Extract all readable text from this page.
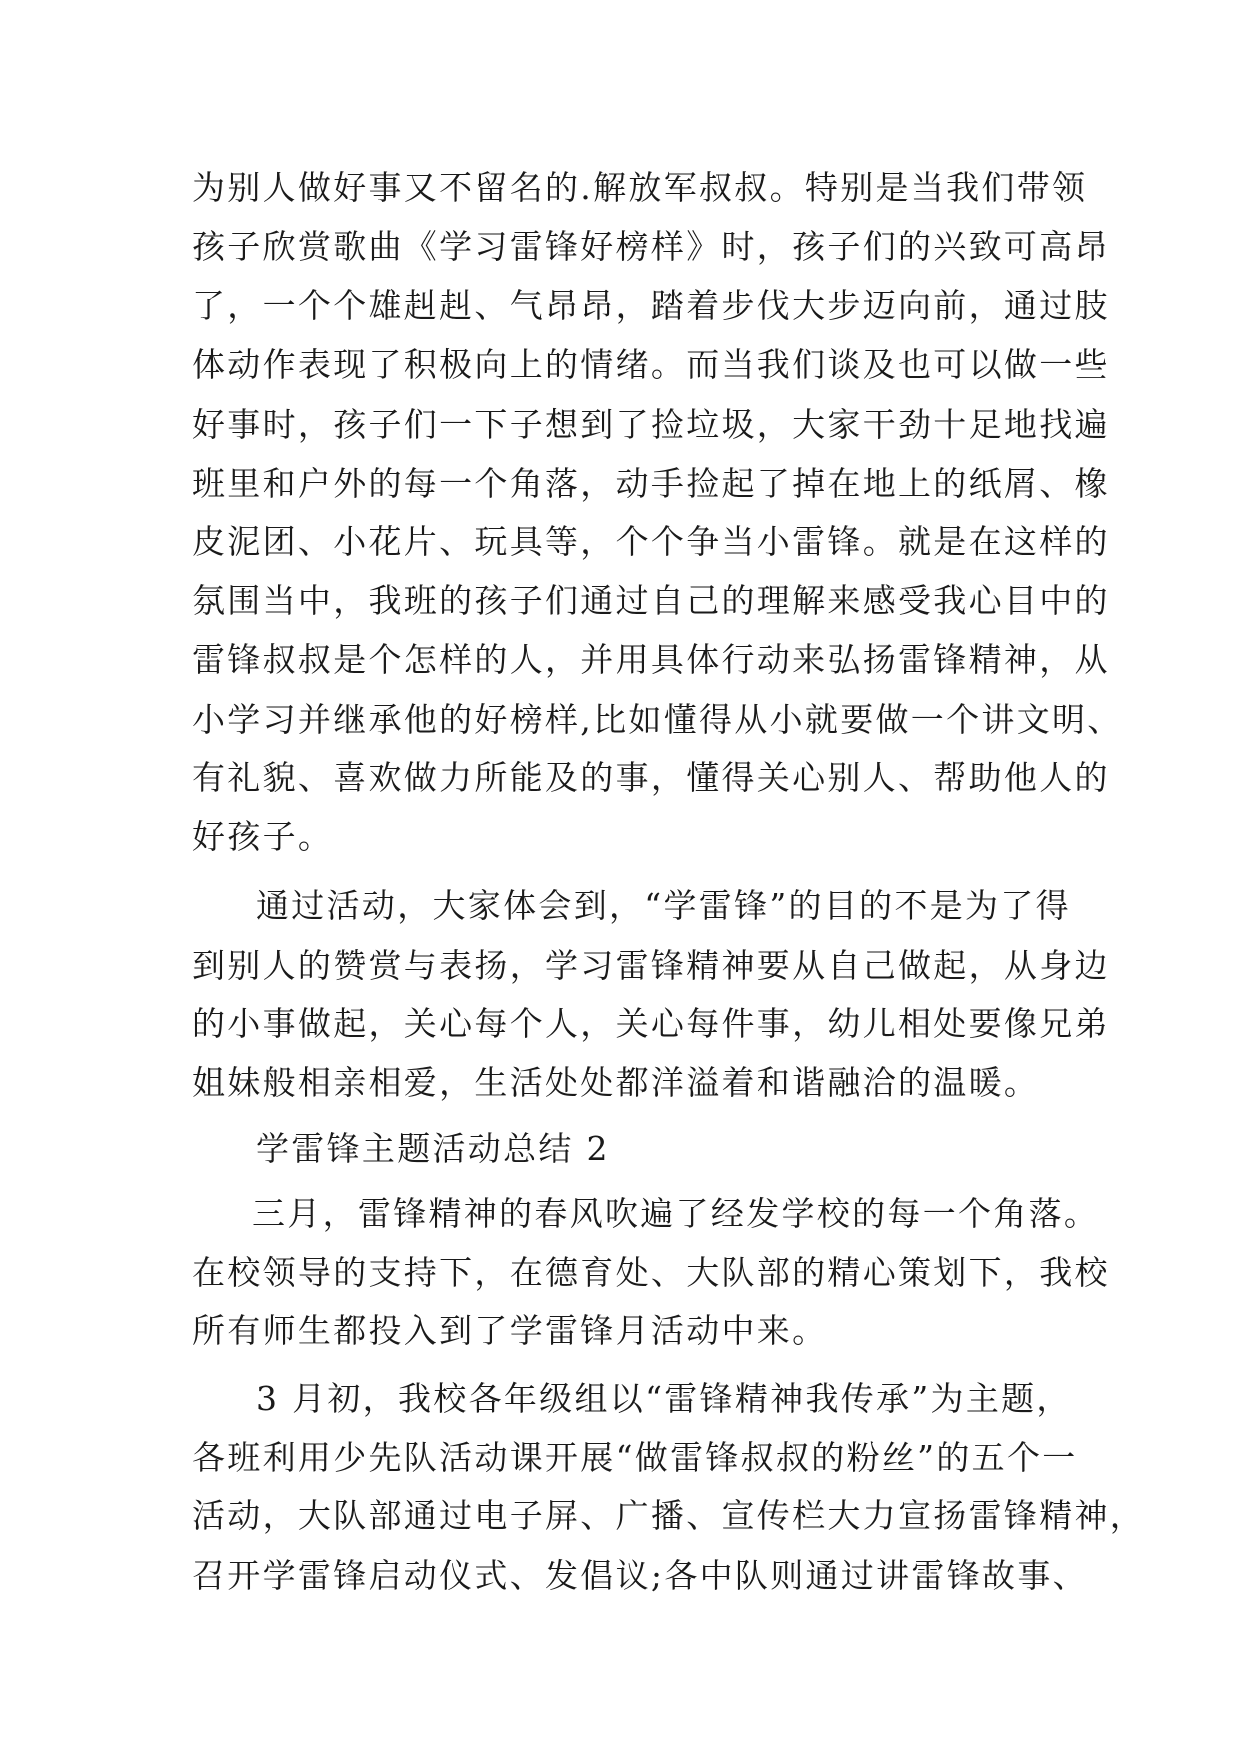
为别人做好事又不留名的.解放军叔叔。特别是当我们带领
孩子欣赏歌曲《学习雷锋好榜样》时，孩子们的兴致可高昂
了，一个个雄赳赳、气昂昂，踏着步伐大步迈向前，通过肢
体动作表现了积极向上的情绪。而当我们谈及也可以做一些
好事时，孩子们一下子想到了捡垃圾，大家干劲十足地找遍
班里和户外的每一个角落，动手捡起了掉在地上的纸屑、橡
皮泥团、小花片、玩具等，个个争当小雷锋。就是在这样的
氛围当中，我班的孩子们通过自己的理解来感受我心目中的
雷锋叔叔是个怎样的人，并用具体行动来弘扬雷锋精神，从
小学习并继承他的好榜样,比如懂得从小就要做一个讲文明、
有礼貌、喜欢做力所能及的事，懂得关心别人、帮助他人的
好孩子。
通过活动，大家体会到，“学雷锋”的目的不是为了得
到别人的赞赏与表扬，学习雷锋精神要从自己做起，从身边
的小事做起，关心每个人，关心每件事，幼儿相处要像兄弟
姐妹般相亲相爱，生活处处都洋溢着和谐融洽的温暖。
学雷锋主题活动总结 2
三月，雷锋精神的春风吹遍了经发学校的每一个角落。
在校领导的支持下，在德育处、大队部的精心策划下，我校
所有师生都投入到了学雷锋月活动中来。
3 月初，我校各年级组以“雷锋精神我传承”为主题，
各班利用少先队活动课开展“做雷锋叔叔的粉丝”的五个一
活动，大队部通过电子屏、广播、宣传栏大力宣扬雷锋精神，
召开学雷锋启动仪式、发倡议;各中队则通过讲雷锋故事、
